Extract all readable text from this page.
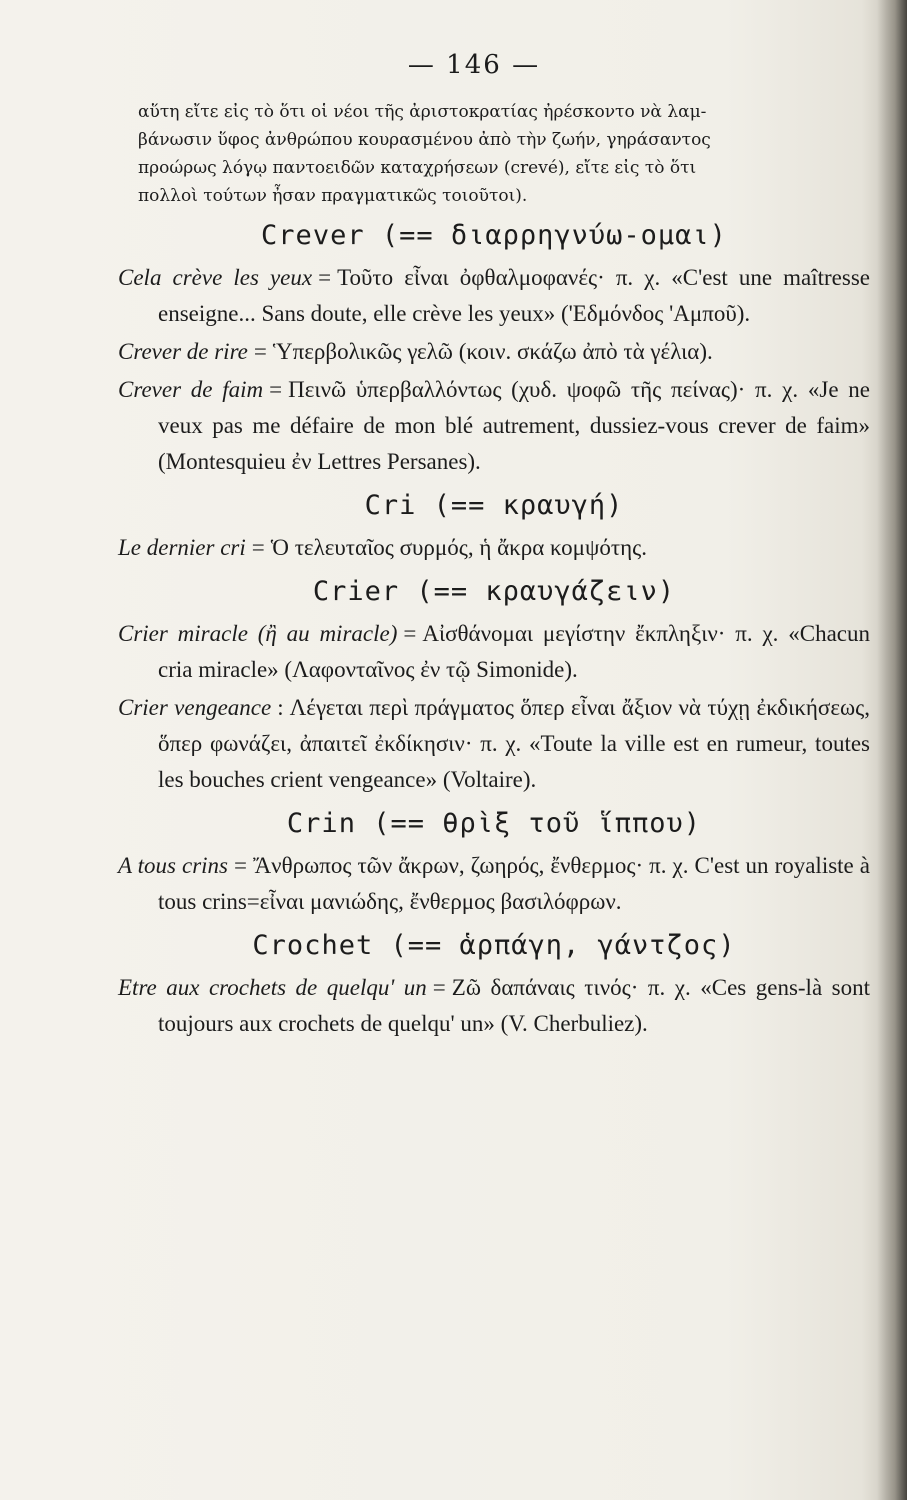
— 146 —

αὕτη εἴτε εἰς τὸ ὅτι οἱ νέοι τῆς ἀριστοκρατίας ἠρέσκοντο νὰ λαμ-

βάνωσιν ὕφος ἀνθρώπου κουρασμένου ἀπὸ τὴν ζωήν, γηράσαντος

προώρως λόγῳ παντοειδῶν καταχρήσεων (crevé), εἴτε εἰς τὸ ὅτι

πολλοὶ τούτων ἦσαν πραγματικῶς τοιοῦτοι).

Crever (== διαρρηγνύω-ομαι)

Cela crève les yeux = Τοῦτο εἶναι ὀφθαλμοφανές· π. χ. «C'est une maîtresse enseigne... Sans doute, elle crève les yeux» ('Εδμόνδος 'Αμποῦ).

Crever de rire = Ὑπερβολικῶς γελῶ (κοιν. σκάζω ἀπὸ τὰ γέλια).

Crever de faim = Πεινῶ ὑπερβαλλόντως (χυδ. ψοφῶ τῆς πείνας)· π. χ. «Je ne veux pas me défaire de mon blé autrement, dussiez-vous crever de faim» (Montesquieu ἐν Lettres Persanes).

Cri (== κραυγή)

Le dernier cri = Ὁ τελευταῖος συρμός, ἡ ἄκρα κομψότης.

Crier (== κραυγάζειν)

Crier miracle (ἢ au miracle) = Αἰσθάνομαι μεγίστην ἔκπληξιν· π. χ. «Chacun cria miracle» (Λαφονταῖνος ἐν τῷ Simonide).

Crier vengeance : Λέγεται περὶ πράγματος ὅπερ εἶναι ἄξιον νὰ τύχῃ ἐκδικήσεως, ὅπερ φωνάζει, ἀπαιτεῖ ἐκδίκησιν· π. χ. «Toute la ville est en rumeur, toutes les bouches crient vengeance» (Voltaire).

Crin (== θρὶξ τοῦ ἵππου)

A tous crins = Ἄνθρωπος τῶν ἄκρων, ζωηρός, ἔνθερμος· π. χ. C'est un royaliste à tous crins=εἶναι μανιώδης, ἔνθερμος βασιλόφρων.

Crochet (== ἁρπάγη, γάντζος)

Etre aux crochets de quelqu' un = Ζῶ δαπάναις τινός· π. χ. «Ces gens-là sont toujours aux crochets de quelqu' un» (V. Cherbuliez).
